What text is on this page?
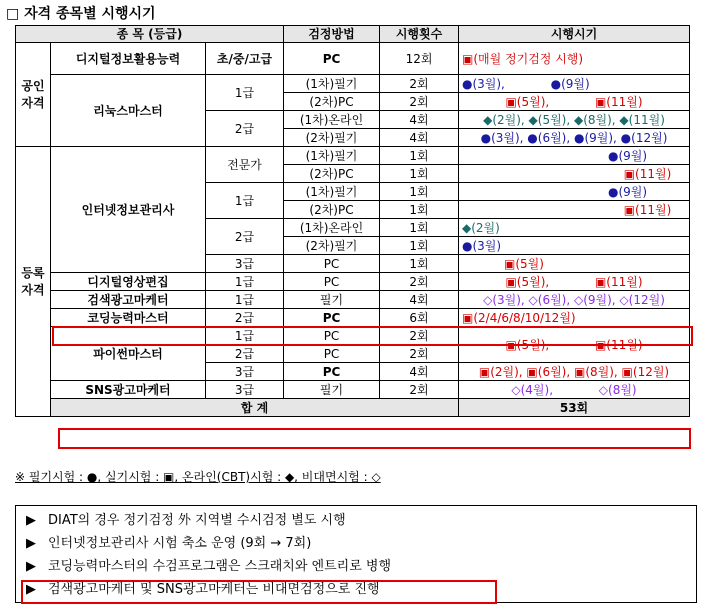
□ 자격 종목별 시행시기
종 목 (등급)			검정방법	시행횟수	시행시기	
공인
자격	디지털정보활용능력	초/중/고급	PC	12회	▣(매월 정기검정 시행)	
	리눅스마스터	1급	(1차)필기	2회	●(3월),            ●(9월)	
			(2차)PC	2회	▣(5월),            ▣(11월)	
		2급	(1차)온라인	4회	◆(2월), ◆(5월), ◆(8월), ◆(11월)	
			(2차)필기	4회	●(3월), ●(6월), ●(9월), ●(12월)	
등록
자격	인터넷정보관리사	전문가	(1차)필기	1회	●(9월)	
			(2차)PC	1회	▣(11월)	
		1급	(1차)필기	1회	●(9월)	
			(2차)PC	1회	▣(11월)	
		2급	(1차)온라인	1회	◆(2월)	
			(2차)필기	1회	●(3월)	
		3급	PC	1회	▣(5월)	
	디지털영상편집	1급	PC	2회	▣(5월),            ▣(11월)	
	검색광고마케터	1급	필기	4회	◇(3월), ◇(6월), ◇(9월), ◇(12월)	
	코딩능력마스터	2급	PC	6회	▣(2/4/6/8/10/12월)	
	파이썬마스터	1급	PC	2회	▣(5월),            ▣(11월)	
		2급	PC	2회		
		3급	PC	4회	▣(2월), ▣(6월), ▣(8월), ▣(12월)	
	SNS광고마케터	3급	필기	2회	◇(4월),            ◇(8월)	
	합 계				53회	
※ 필기시험 : ●, 실기시험 : ▣, 온라인(CBT)시험 : ◆, 비대면시험 : ◇
▶ DIAT의 경우 정기검정 外 지역별 수시검정 별도 시행
▶ 인터넷정보관리사 시험 축소 운영 (9회 → 7회)
▶ 코딩능력마스터의 수검프로그램은 스크래치와 엔트리로 병행
▶ 검색광고마케터 및 SNS광고마케터는 비대면검정으로 진행
